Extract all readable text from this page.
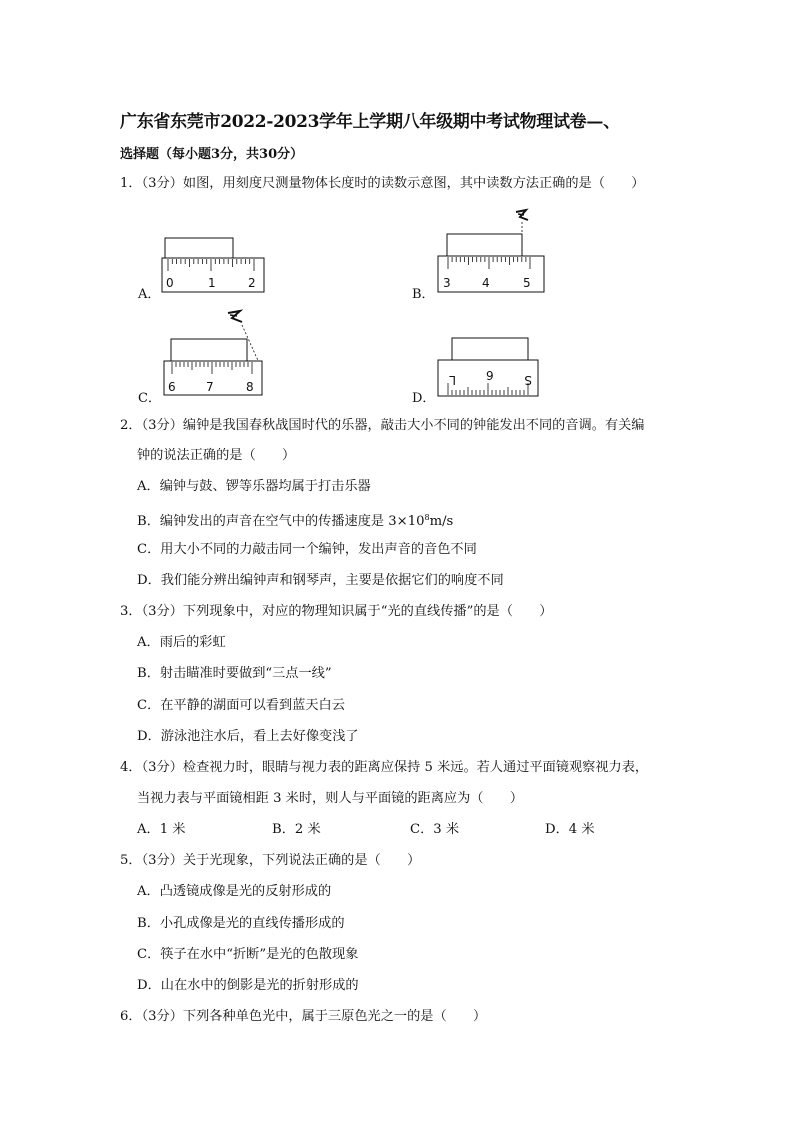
广东省东莞市2022-2023学年上学期八年级期中考试物理试卷—、
选择题（每小题3分，共30分）
1．（3分）如图，用刻度尺测量物体长度时的读数示意图，其中读数方法正确的是（　　）
A．
0	1	2
B．
3	4	5
C．
6	7	8
D．
L	9	S
2．（3分）编钟是我国春秋战国时代的乐器，敲击大小不同的钟能发出不同的音调。有关编
钟的说法正确的是（　　）
A．编钟与鼓、锣等乐器均属于打击乐器
B．编钟发出的声音在空气中的传播速度是 $3\times 10^8m/s$
C．用大小不同的力敲击同一个编钟，发出声音的音色不同
D．我们能分辨出编钟声和钢琴声，主要是依据它们的响度不同
3．（3分）下列现象中，对应的物理知识属于“光的直线传播”的是（　　）
A．雨后的彩虹
B．射击瞄准时要做到“三点一线”
C．在平静的湖面可以看到蓝天白云
D．游泳池注水后，看上去好像变浅了
4．（3分）检查视力时，眼睛与视力表的距离应保持 5 米远。若人通过平面镜观察视力表，
当视力表与平面镜相距 3 米时，则人与平面镜的距离应为（　　）
A．1 米	B．2 米	C．3 米	D．4 米
5．（3分）关于光现象，下列说法正确的是（　　）
A．凸透镜成像是光的反射形成的
B．小孔成像是光的直线传播形成的
C．筷子在水中“折断”是光的色散现象
D．山在水中的倒影是光的折射形成的
6．（3分）下列各种单色光中，属于三原色光之一的是（　　）
